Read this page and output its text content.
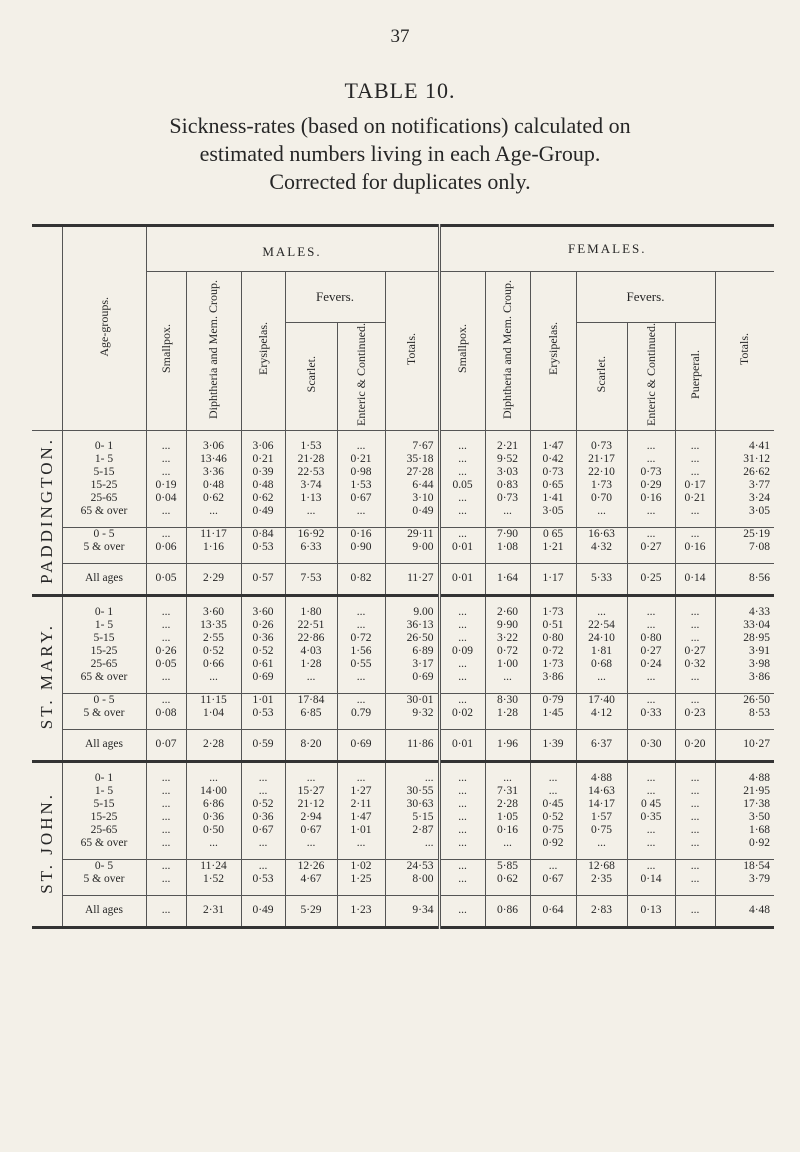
37
TABLE 10.
Sickness-rates (based on notifications) calculated on
estimated numbers living in each Age-Group.
Corrected for duplicates only.
	Age-groups.	MALES.						FEMALES.						
		Smallpox.	Diphtheria and Mem. Croup.	Erysipelas.	Fevers.		Totals.	Smallpox.	Diphtheria and Mem. Croup.	Erysipelas.	Fevers.			Totals.
					Scarlet.	Enteric & Continued.					Scarlet.	Enteric & Continued.	Puerperal.	

PADDINGTON.														
	0- 1	...	3·06	3·06	1·53	...	7·67	...	2·21	1·47	0·73	...	...	4·41
	1- 5	...	13·46	0·21	21·28	0·21	35·18	...	9·52	0·42	21·17	...	...	31·12
	5-15	...	3·36	0·39	22·53	0·98	27·28	...	3·03	0·73	22·10	0·73	...	26·62
	15-25	0·19	0·48	0·48	3·74	1·53	6·44	0.05	0·83	0·65	1·73	0·29	0·17	3·77
	25-65	0·04	0·62	0·62	1·13	0·67	3·10	...	0·73	1·41	0·70	0·16	0·21	3·24
	65 & over	...	...	0·49	...	...	0·49	...	...	3·05	...	...	...	3·05

	0 - 5	...	11·17	0·84	16·92	0·16	29·11	...	7·90	0 65	16·63	...	...	25·19
	5 & over	0·06	1·16	0·53	6·33	0·90	9·00	0·01	1·08	1·21	4·32	0·27	0·16	7·08

	All ages	0·05	2·29	0·57	7·53	0·82	11·27	0·01	1·64	1·17	5·33	0·25	0·14	8·56
ST. MARY.														
	0- 1	...	3·60	3·60	1·80	...	9.00	...	2·60	1·73	...	...	...	4·33
	1- 5	...	13·35	0·26	22·51	...	36·13	...	9·90	0·51	22·54	...	...	33·04
	5-15	...	2·55	0·36	22·86	0·72	26·50	...	3·22	0·80	24·10	0·80	...	28·95
	15-25	0·26	0·52	0·52	4·03	1·56	6·89	0·09	0·72	0·72	1·81	0·27	0·27	3·91
	25-65	0·05	0·66	0·61	1·28	0·55	3·17	...	1·00	1·73	0·68	0·24	0·32	3·98
	65 & over	...	...	0·69	...	...	0·69	...	...	3·86	...	...	...	3·86

	0 - 5	...	11·15	1·01	17·84	...	30·01	...	8·30	0·79	17·40	...	...	26·50
	5 & over	0·08	1·04	0·53	6·85	0.79	9·32	0·02	1·28	1·45	4·12	0·33	0·23	8·53

	All ages	0·07	2·28	0·59	8·20	0·69	11·86	0·01	1·96	1·39	6·37	0·30	0·20	10·27
ST. JOHN.														
	0- 1	...	...	...	...	...	...	...	...	...	4·88	...	...	4·88
	1- 5	...	14·00	...	15·27	1·27	30·55	...	7·31	...	14·63	...	...	21·95
	5-15	...	6·86	0·52	21·12	2·11	30·63	...	2·28	0·45	14·17	0 45	...	17·38
	15-25	...	0·36	0·36	2·94	1·47	5·15	...	1·05	0·52	1·57	0·35	...	3·50
	25-65	...	0·50	0·67	0·67	1·01	2·87	...	0·16	0·75	0·75	...	...	1·68
	65 & over	...	...	...	...	...	...	...	...	0·92	...	...	...	0·92

	0- 5	...	11·24	...	12·26	1·02	24·53	...	5·85	...	12·68	...	...	18·54
	5 & over	...	1·52	0·53	4·67	1·25	8·00	...	0·62	0·67	2·35	0·14	...	3·79

	All ages	...	2·31	0·49	5·29	1·23	9·34	...	0·86	0·64	2·83	0·13	...	4·48
